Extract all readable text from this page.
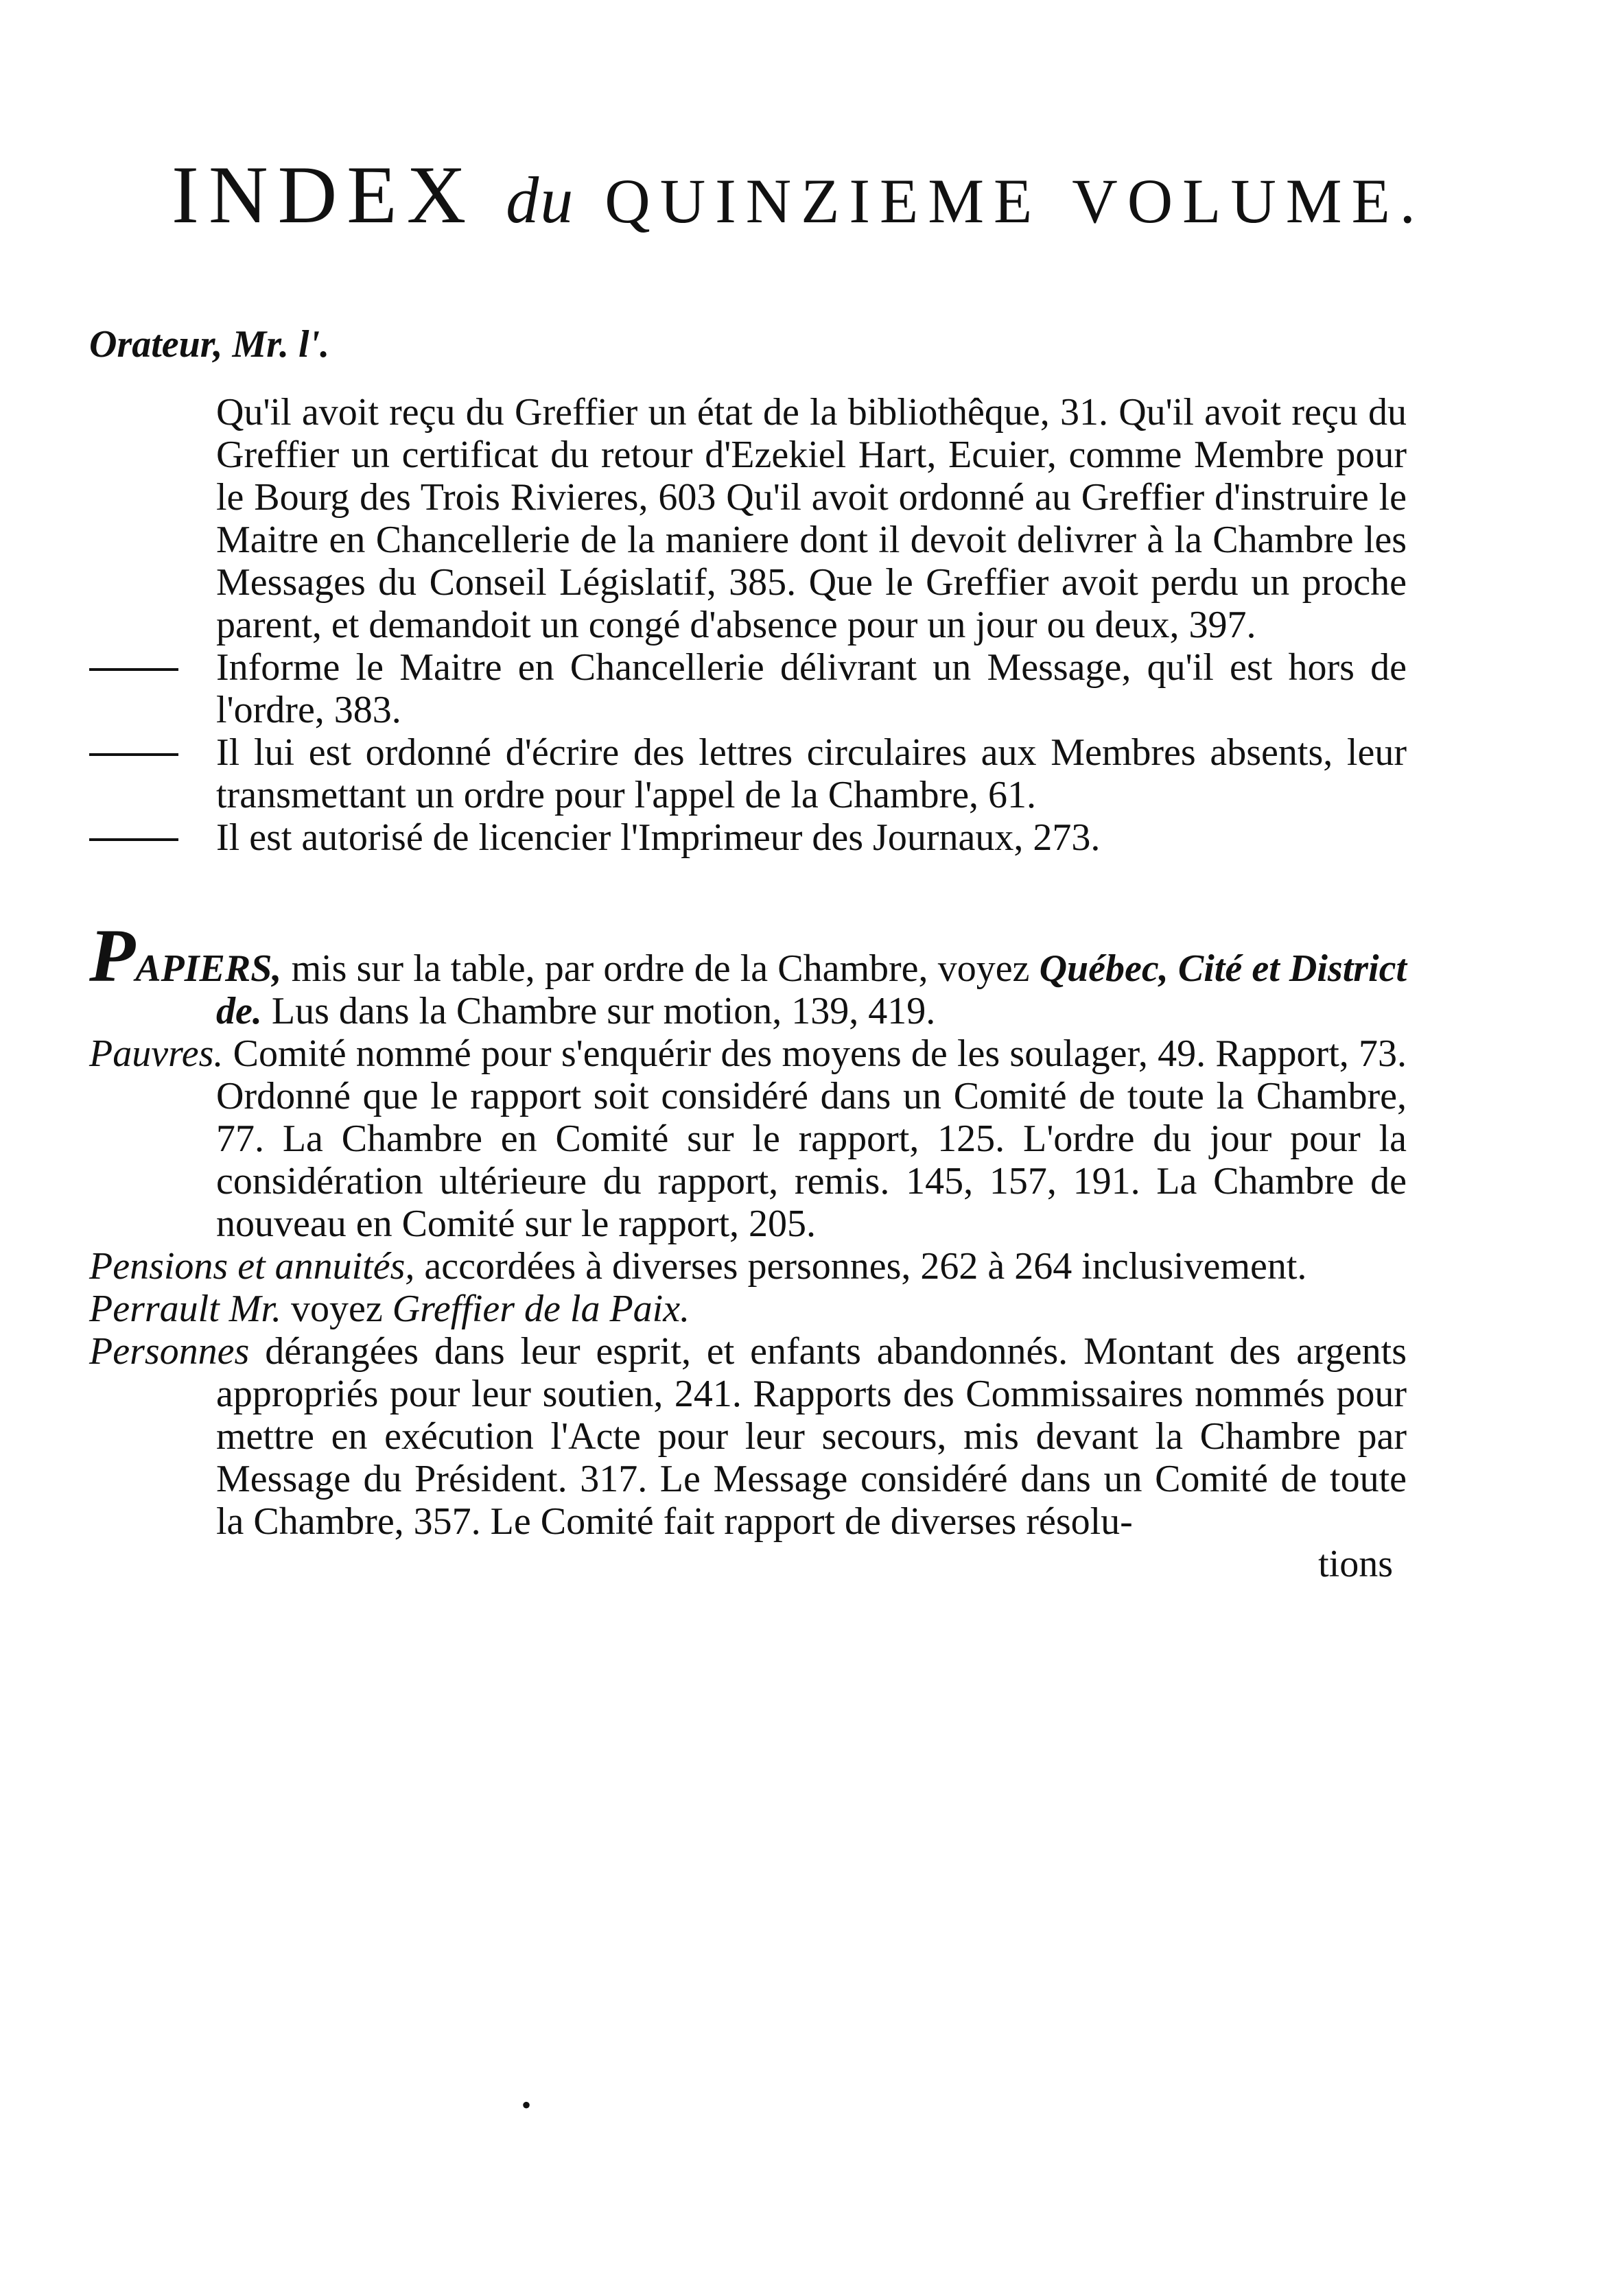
INDEX du QUINZIEME VOLUME.
Orateur, Mr. l'.
Qu'il avoit reçu du Greffier un état de la bibliothêque, 31. Qu'il avoit reçu du Greffier un certificat du retour d'Ezekiel Hart, Ecuier, comme Membre pour le Bourg des Trois Rivieres, 603 Qu'il avoit ordonné au Greffier d'instruire le Maitre en Chancellerie de la maniere dont il devoit delivrer à la Chambre les Messages du Conseil Législatif, 385. Que le Greffier avoit perdu un proche parent, et demandoit un congé d'absence pour un jour ou deux, 397.
Informe le Maitre en Chancellerie délivrant un Message, qu'il est hors de l'ordre, 383.
Il lui est ordonné d'écrire des lettres circulaires aux Membres absents, leur transmettant un ordre pour l'appel de la Chambre, 61.
Il est autorisé de licencier l'Imprimeur des Journaux, 273.
PAPIERS, mis sur la table, par ordre de la Chambre, voyez Québec, Cité et District de. Lus dans la Chambre sur motion, 139, 419.
Pauvres. Comité nommé pour s'enquérir des moyens de les soulager, 49. Rapport, 73. Ordonné que le rapport soit considéré dans un Comité de toute la Chambre, 77. La Chambre en Comité sur le rapport, 125. L'ordre du jour pour la considération ultérieure du rapport, remis. 145, 157, 191. La Chambre de nouveau en Comité sur le rapport, 205.
Pensions et annuités, accordées à diverses personnes, 262 à 264 inclusivement.
Perrault Mr. voyez Greffier de la Paix.
Personnes dérangées dans leur esprit, et enfants abandonnés. Montant des argents appropriés pour leur soutien, 241. Rapports des Commissaires nommés pour mettre en exécution l'Acte pour leur secours, mis devant la Chambre par Message du Président. 317. Le Message considéré dans un Comité de toute la Chambre, 357. Le Comité fait rapport de diverses résolu-
tions
•
